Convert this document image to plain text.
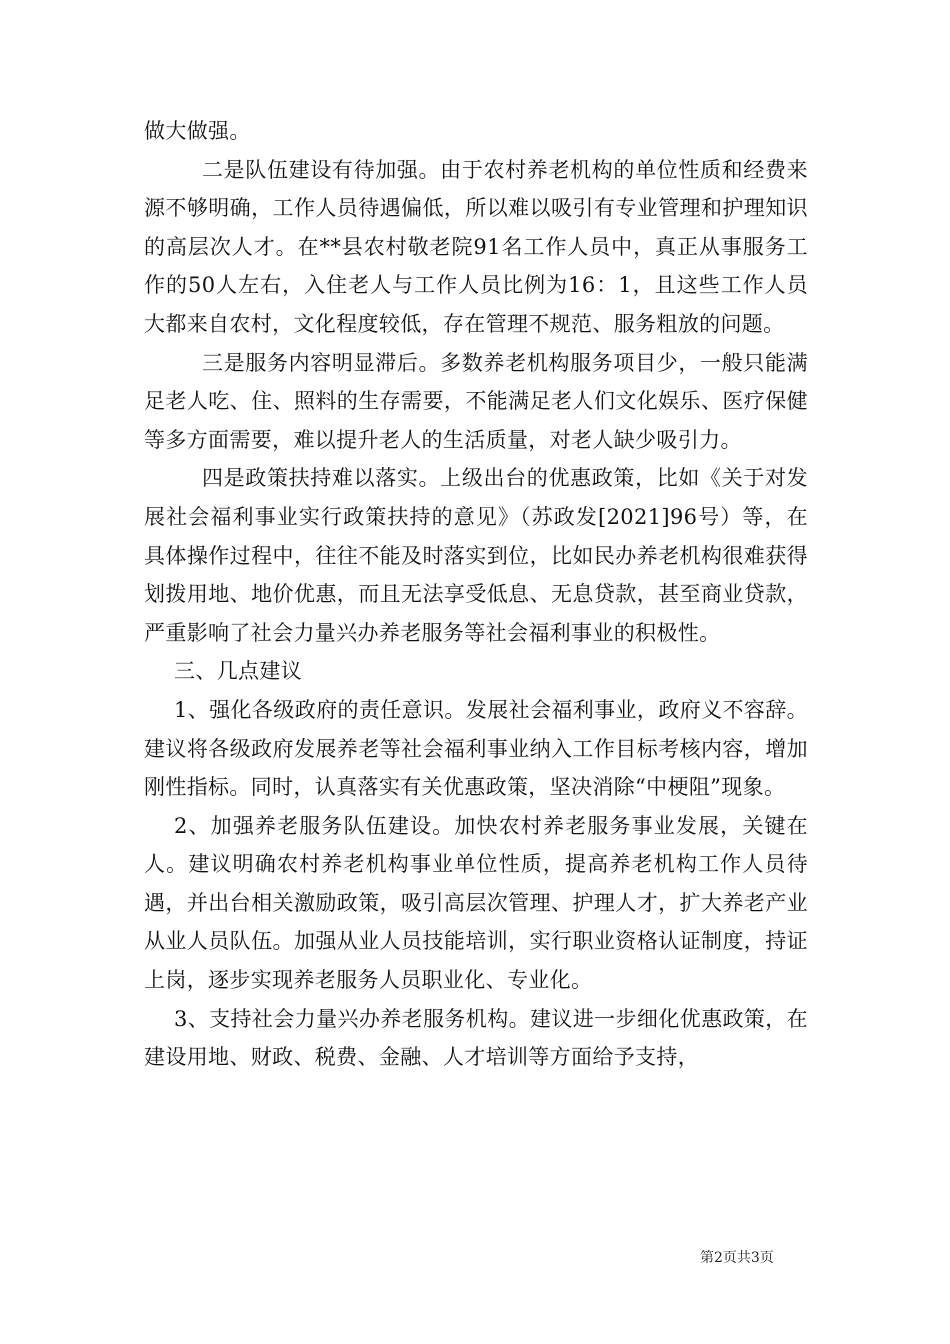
做大做强。

二是队伍建设有待加强。由于农村养老机构的单位性质和经费来源不够明确，工作人员待遇偏低，所以难以吸引有专业管理和护理知识的高层次人才。在**县农村敬老院91名工作人员中，真正从事服务工作的50人左右，入住老人与工作人员比例为16：1，且这些工作人员大都来自农村，文化程度较低，存在管理不规范、服务粗放的问题。

三是服务内容明显滞后。多数养老机构服务项目少，一般只能满足老人吃、住、照料的生存需要，不能满足老人们文化娱乐、医疗保健等多方面需要，难以提升老人的生活质量，对老人缺少吸引力。

四是政策扶持难以落实。上级出台的优惠政策，比如《关于对发展社会福利事业实行政策扶持的意见》（苏政发[2021]96号）等，在具体操作过程中，往往不能及时落实到位，比如民办养老机构很难获得划拨用地、地价优惠，而且无法享受低息、无息贷款，甚至商业贷款，严重影响了社会力量兴办养老服务等社会福利事业的积极性。

三、几点建议

1、强化各级政府的责任意识。发展社会福利事业，政府义不容辞。建议将各级政府发展养老等社会福利事业纳入工作目标考核内容，增加刚性指标。同时，认真落实有关优惠政策，坚决消除“中梗阻”现象。

2、加强养老服务队伍建设。加快农村养老服务事业发展，关键在人。建议明确农村养老机构事业单位性质，提高养老机构工作人员待遇，并出台相关激励政策，吸引高层次管理、护理人才，扩大养老产业从业人员队伍。加强从业人员技能培训，实行职业资格认证制度，持证上岗，逐步实现养老服务人员职业化、专业化。

3、支持社会力量兴办养老服务机构。建议进一步细化优惠政策，在建设用地、财政、税费、金融、人才培训等方面给予支持，

第2页共3页
